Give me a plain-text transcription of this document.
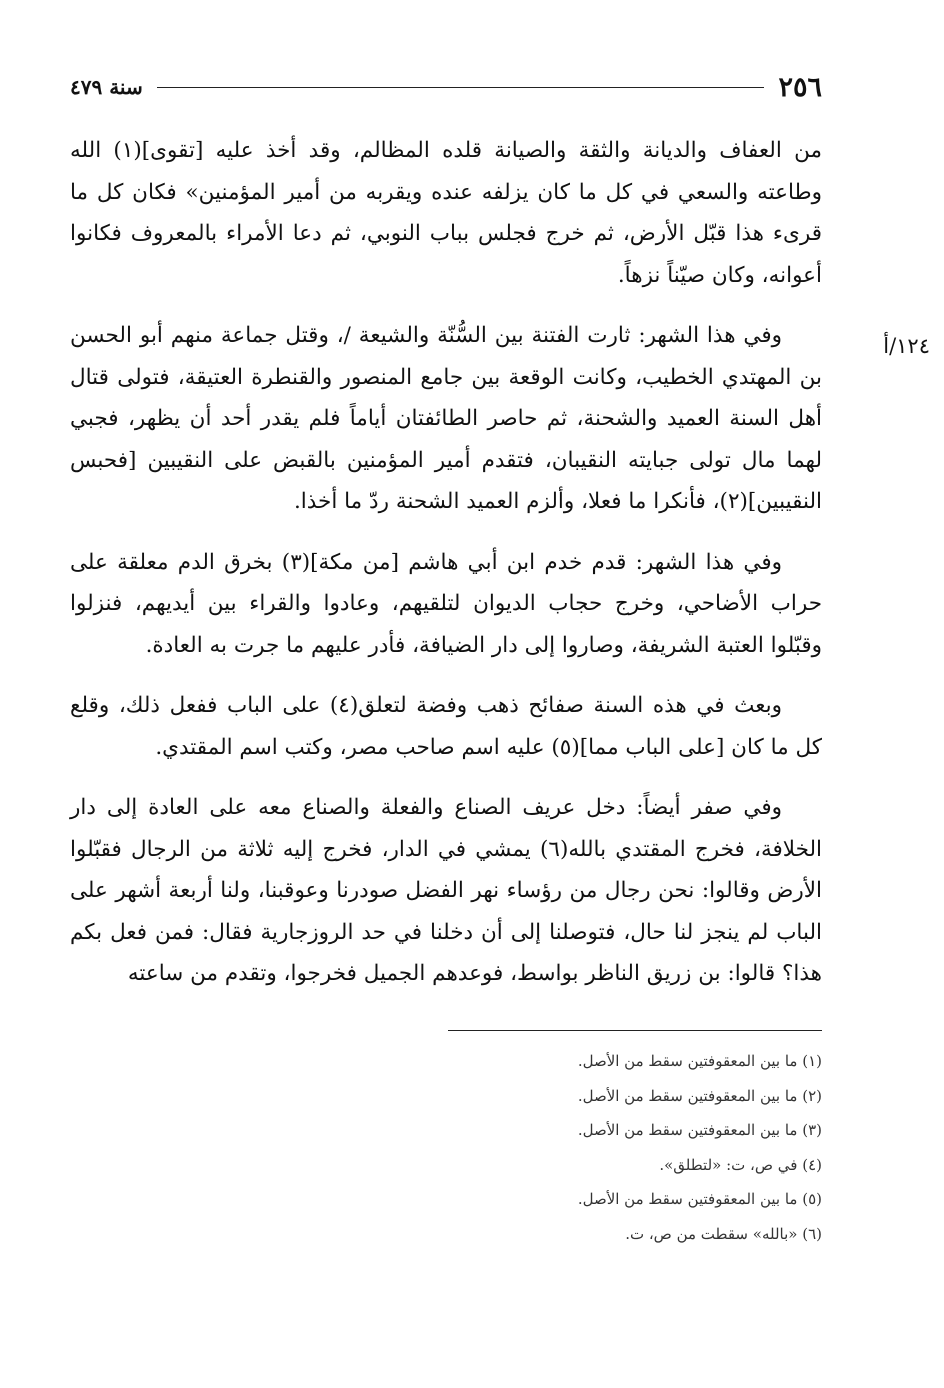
٢٥٦
سنة ٤٧٩
١٢٤/أ

من العفاف والديانة والثقة والصيانة قلده المظالم، وقد أخذ عليه [تقوى](١) الله وطاعته والسعي في كل ما كان يزلفه عنده ويقربه من أمير المؤمنين» فكان كل ما قرىء هذا قبّل الأرض، ثم خرج فجلس بباب النوبي، ثم دعا الأمراء بالمعروف فكانوا أعوانه، وكان صيّناً نزهاً.

وفي هذا الشهر: ثارت الفتنة بين السُّنّة والشيعة /، وقتل جماعة منهم أبو الحسن بن المهتدي الخطيب، وكانت الوقعة بين جامع المنصور والقنطرة العتيقة، فتولى قتال أهل السنة العميد والشحنة، ثم حاصر الطائفتان أياماً فلم يقدر أحد أن يظهر، فجبي لهما مال تولى جبايته النقيبان، فتقدم أمير المؤمنين بالقبض على النقيبين [فحبس النقيبين](٢)، فأنكرا ما فعلا، وألزم العميد الشحنة ردّ ما أخذا.

وفي هذا الشهر: قدم خدم ابن أبي هاشم [من مكة](٣) بخرق الدم معلقة على حراب الأضاحي، وخرج حجاب الديوان لتلقيهم، وعادوا والقراء بين أيديهم، فنزلوا وقبّلوا العتبة الشريفة، وصاروا إلى دار الضيافة، فأدر عليهم ما جرت به العادة.

وبعث في هذه السنة صفائح ذهب وفضة لتعلق(٤) على الباب ففعل ذلك، وقلع كل ما كان [على الباب مما](٥) عليه اسم صاحب مصر، وكتب اسم المقتدي.

وفي صفر أيضاً: دخل عريف الصناع والفعلة والصناع معه على العادة إلى دار الخلافة، فخرج المقتدي بالله(٦) يمشي في الدار، فخرج إليه ثلاثة من الرجال فقبّلوا الأرض وقالوا: نحن رجال من رؤساء نهر الفضل صودرنا وعوقبنا، ولنا أربعة أشهر على الباب لم ينجز لنا حال، فتوصلنا إلى أن دخلنا في حد الروزجارية فقال: فمن فعل بكم هذا؟ قالوا: بن زريق الناظر بواسط، فوعدهم الجميل فخرجوا، وتقدم من ساعته

(١) ما بين المعقوفتين سقط من الأصل.
(٢) ما بين المعقوفتين سقط من الأصل.
(٣) ما بين المعقوفتين سقط من الأصل.
(٤) في ص، ت: «لتطلق».
(٥) ما بين المعقوفتين سقط من الأصل.
(٦) «بالله» سقطت من ص، ت.
